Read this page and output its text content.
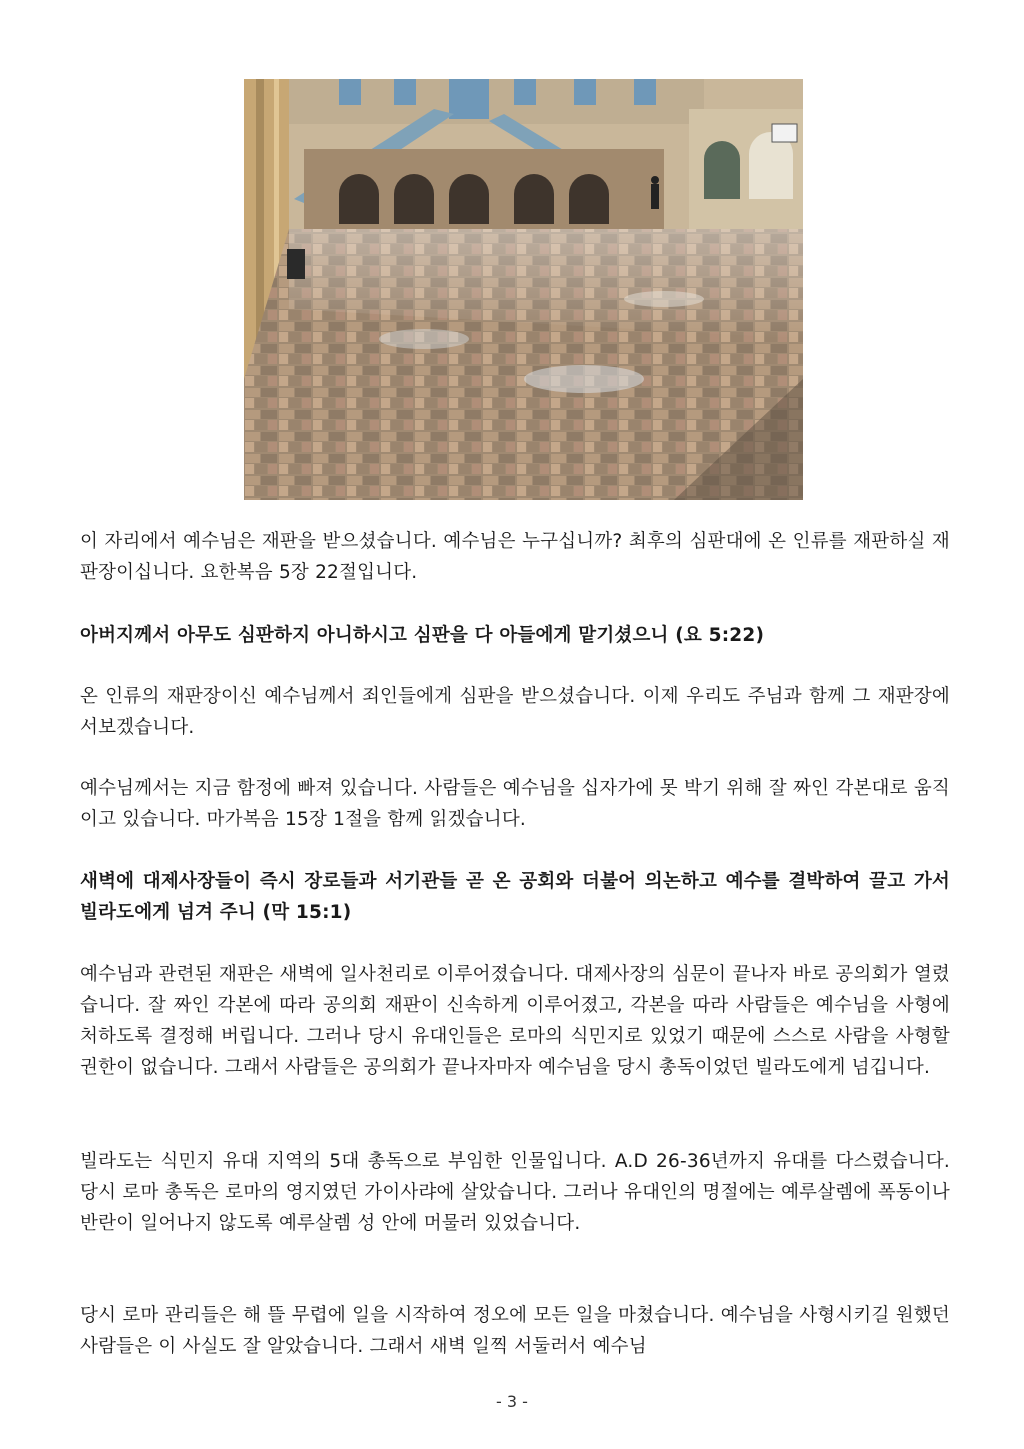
이 자리에서 예수님은 재판을 받으셨습니다. 예수님은 누구십니까? 최후의 심판대에 온 인류를 재판하실 재판장이십니다. 요한복음 5장 22절입니다.

아버지께서 아무도 심판하지 아니하시고 심판을 다 아들에게 맡기셨으니 (요 5:22)

온 인류의 재판장이신 예수님께서 죄인들에게 심판을 받으셨습니다. 이제 우리도 주님과 함께 그 재판장에 서보겠습니다.

예수님께서는 지금 함정에 빠져 있습니다. 사람들은 예수님을 십자가에 못 박기 위해 잘 짜인 각본대로 움직이고 있습니다. 마가복음 15장 1절을 함께 읽겠습니다.

새벽에 대제사장들이 즉시 장로들과 서기관들 곧 온 공회와 더불어 의논하고 예수를 결박하여 끌고 가서 빌라도에게 넘겨 주니 (막 15:1)

예수님과 관련된 재판은 새벽에 일사천리로 이루어졌습니다. 대제사장의 심문이 끝나자 바로 공의회가 열렸습니다. 잘 짜인 각본에 따라 공의회 재판이 신속하게 이루어졌고, 각본을 따라 사람들은 예수님을 사형에 처하도록 결정해 버립니다. 그러나 당시 유대인들은 로마의 식민지로 있었기 때문에 스스로 사람을 사형할 권한이 없습니다. 그래서 사람들은 공의회가 끝나자마자 예수님을 당시 총독이었던 빌라도에게 넘깁니다.

빌라도는 식민지 유대 지역의 5대 총독으로 부임한 인물입니다. A.D 26-36년까지 유대를 다스렸습니다. 당시 로마 총독은 로마의 영지였던 가이사랴에 살았습니다. 그러나 유대인의 명절에는 예루살렘에 폭동이나 반란이 일어나지 않도록 예루살렘 성 안에 머물러 있었습니다.

당시 로마 관리들은 해 뜰 무렵에 일을 시작하여 정오에 모든 일을 마쳤습니다. 예수님을 사형시키길 원했던 사람들은 이 사실도 잘 알았습니다. 그래서 새벽 일찍 서둘러서 예수님

- 3 -
